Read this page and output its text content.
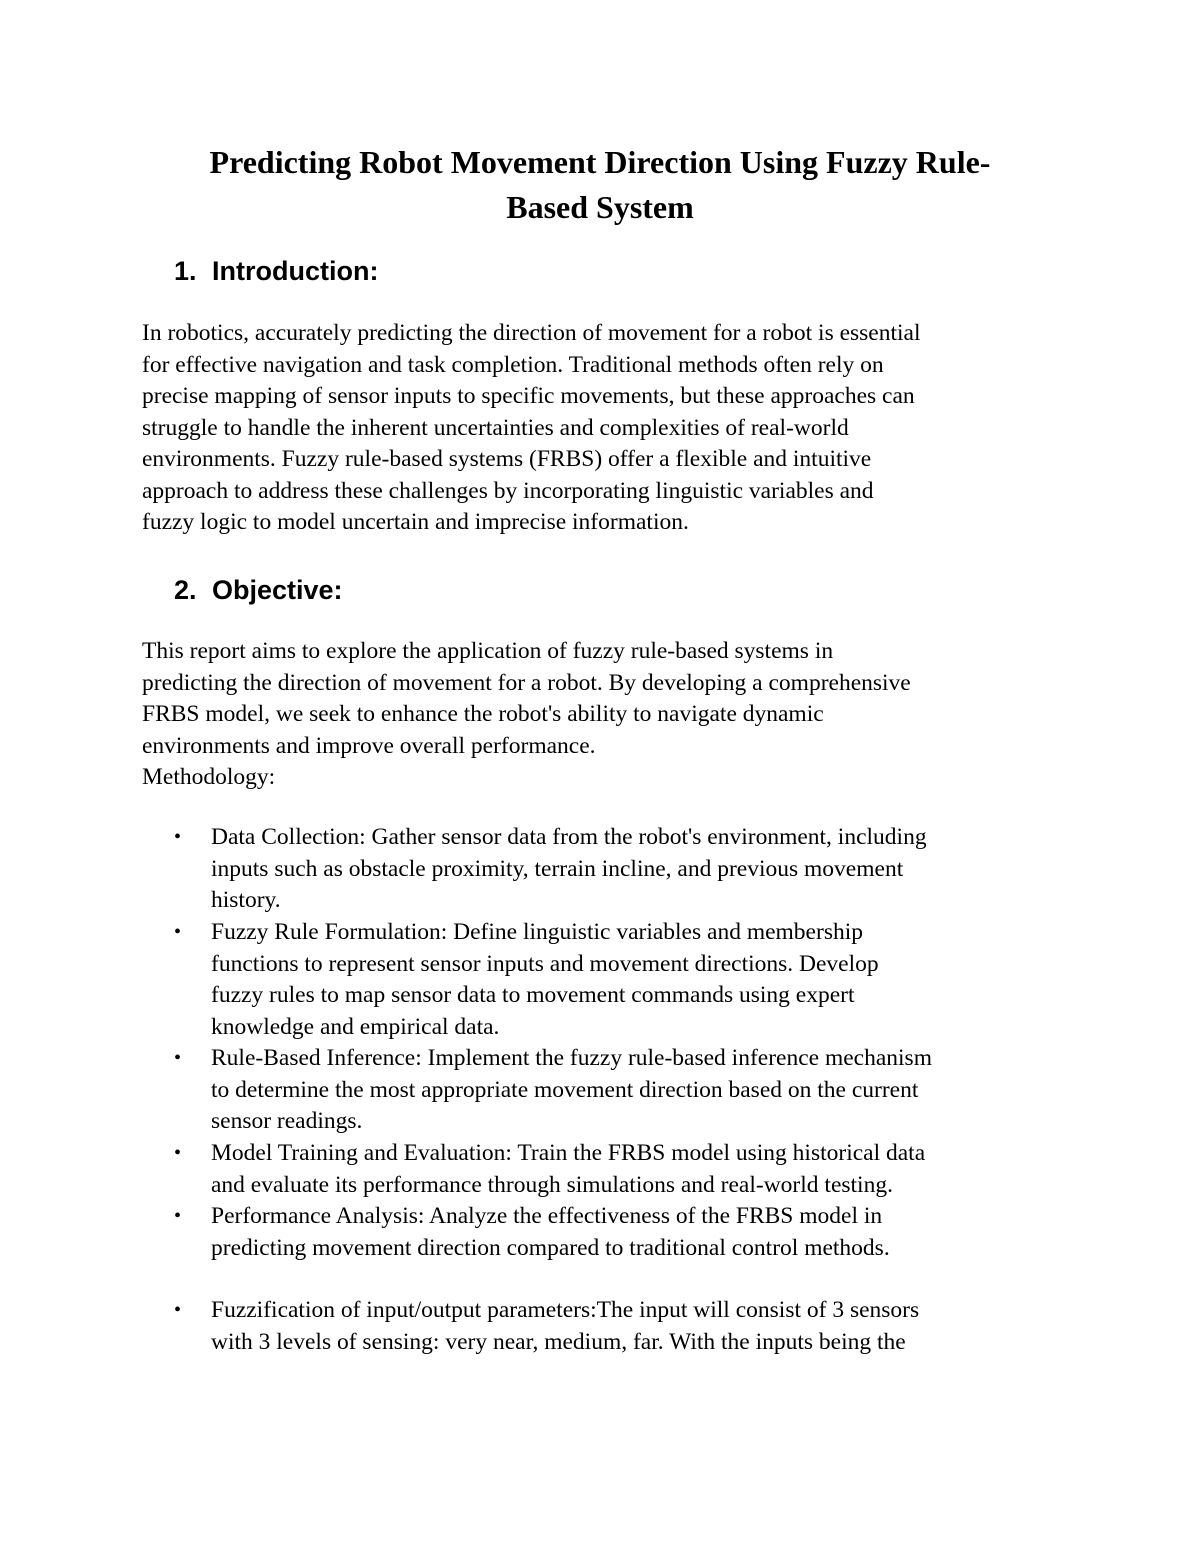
Predicting Robot Movement Direction Using Fuzzy Rule-
Based System
1. Introduction:

In robotics, accurately predicting the direction of movement for a robot is essential
for effective navigation and task completion. Traditional methods often rely on
precise mapping of sensor inputs to specific movements, but these approaches can
struggle to handle the inherent uncertainties and complexities of real-world
environments. Fuzzy rule-based systems (FRBS) offer a flexible and intuitive
approach to address these challenges by incorporating linguistic variables and
fuzzy logic to model uncertain and imprecise information.

2. Objective:

This report aims to explore the application of fuzzy rule-based systems in
predicting the direction of movement for a robot. By developing a comprehensive
FRBS model, we seek to enhance the robot's ability to navigate dynamic
environments and improve overall performance.
Methodology:

•	Data Collection: Gather sensor data from the robot's environment, including
inputs such as obstacle proximity, terrain incline, and previous movement
history.
•	Fuzzy Rule Formulation: Define linguistic variables and membership
functions to represent sensor inputs and movement directions. Develop
fuzzy rules to map sensor data to movement commands using expert
knowledge and empirical data.
•	Rule-Based Inference: Implement the fuzzy rule-based inference mechanism
to determine the most appropriate movement direction based on the current
sensor readings.
•	Model Training and Evaluation: Train the FRBS model using historical data
and evaluate its performance through simulations and real-world testing.
•	Performance Analysis: Analyze the effectiveness of the FRBS model in
predicting movement direction compared to traditional control methods.
•	Fuzzification of input/output parameters:The input will consist of 3 sensors
with 3 levels of sensing: very near, medium, far. With the inputs being the
